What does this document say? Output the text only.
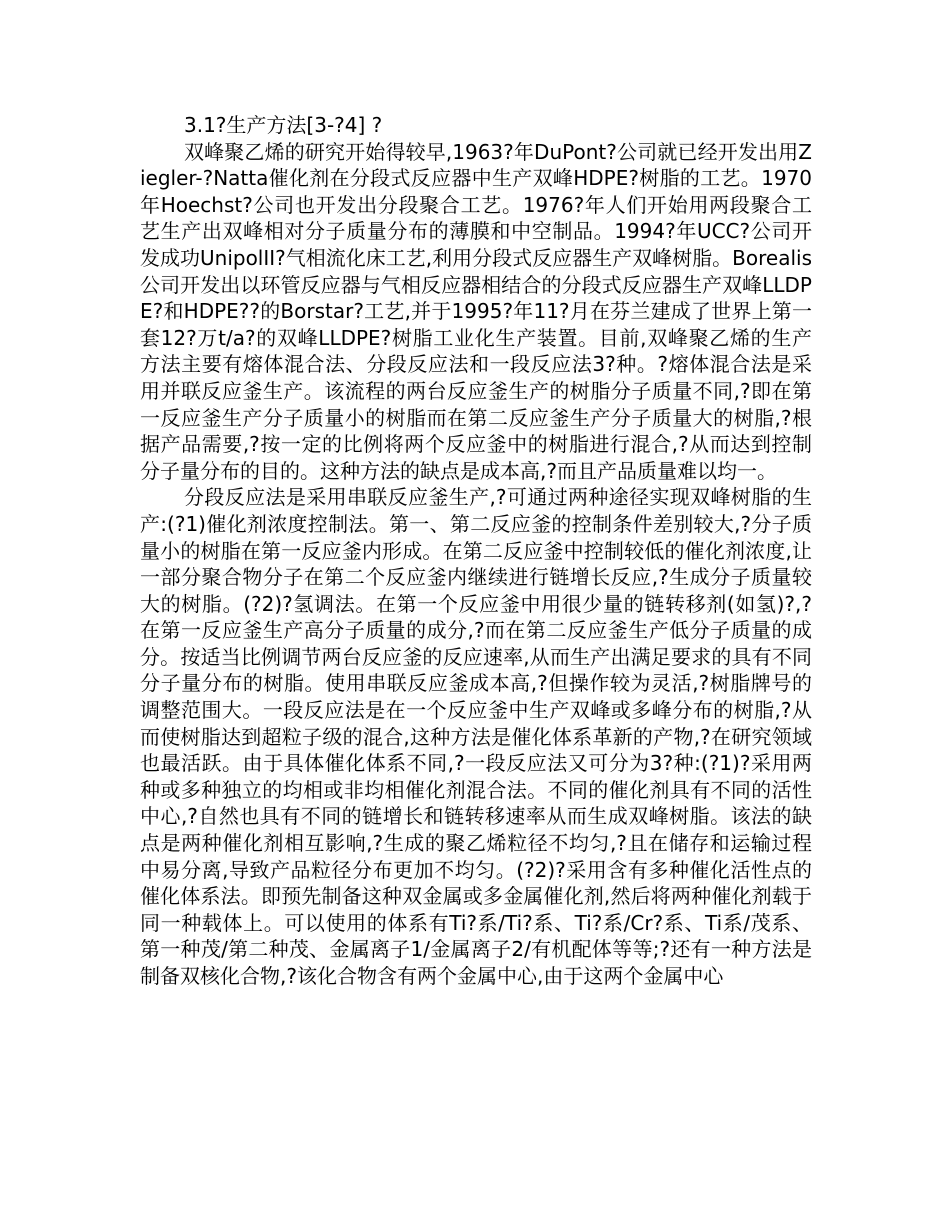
3.1?生产方法[3-?4] ?

双峰聚乙烯的研究开始得较早,1963?年DuPont?公司就已经开发出用Ziegler-?Natta催化剂在分段式反应器中生产双峰HDPE?树脂的工艺。1970年Hoechst?公司也开发出分段聚合工艺。1976?年人们开始用两段聚合工艺生产出双峰相对分子质量分布的薄膜和中空制品。1994?年UCC?公司开发成功UnipolII?气相流化床工艺,利用分段式反应器生产双峰树脂。Borealis公司开发出以环管反应器与气相反应器相结合的分段式反应器生产双峰LLDPE?和HDPE??的Borstar?工艺,并于1995?年11?月在芬兰建成了世界上第一套12?万t/a?的双峰LLDPE?树脂工业化生产装置。目前,双峰聚乙烯的生产方法主要有熔体混合法、分段反应法和一段反应法3?种。?熔体混合法是采用并联反应釜生产。该流程的两台反应釜生产的树脂分子质量不同,?即在第一反应釜生产分子质量小的树脂而在第二反应釜生产分子质量大的树脂,?根据产品需要,?按一定的比例将两个反应釜中的树脂进行混合,?从而达到控制分子量分布的目的。这种方法的缺点是成本高,?而且产品质量难以均一。

分段反应法是采用串联反应釜生产,?可通过两种途径实现双峰树脂的生产:(?1)催化剂浓度控制法。第一、第二反应釜的控制条件差别较大,?分子质量小的树脂在第一反应釜内形成。在第二反应釜中控制较低的催化剂浓度,让一部分聚合物分子在第二个反应釜内继续进行链增长反应,?生成分子质量较大的树脂。(?2)?氢调法。在第一个反应釜中用很少量的链转移剂(如氢)?,?在第一反应釜生产高分子质量的成分,?而在第二反应釜生产低分子质量的成分。按适当比例调节两台反应釜的反应速率,从而生产出满足要求的具有不同分子量分布的树脂。使用串联反应釜成本高,?但操作较为灵活,?树脂牌号的调整范围大。一段反应法是在一个反应釜中生产双峰或多峰分布的树脂,?从而使树脂达到超粒子级的混合,这种方法是催化体系革新的产物,?在研究领域也最活跃。由于具体催化体系不同,?一段反应法又可分为3?种:(?1)?采用两种或多种独立的均相或非均相催化剂混合法。不同的催化剂具有不同的活性中心,?自然也具有不同的链增长和链转移速率从而生成双峰树脂。该法的缺点是两种催化剂相互影响,?生成的聚乙烯粒径不均匀,?且在储存和运输过程中易分离,导致产品粒径分布更加不均匀。(?2)?采用含有多种催化活性点的催化体系法。即预先制备这种双金属或多金属催化剂,然后将两种催化剂载于同一种载体上。可以使用的体系有Ti?系/Ti?系、Ti?系/Cr?系、Ti系/茂系、第一种茂/第二种茂、金属离子1/金属离子2/有机配体等等;?还有一种方法是制备双核化合物,?该化合物含有两个金属中心,由于这两个金属中心
